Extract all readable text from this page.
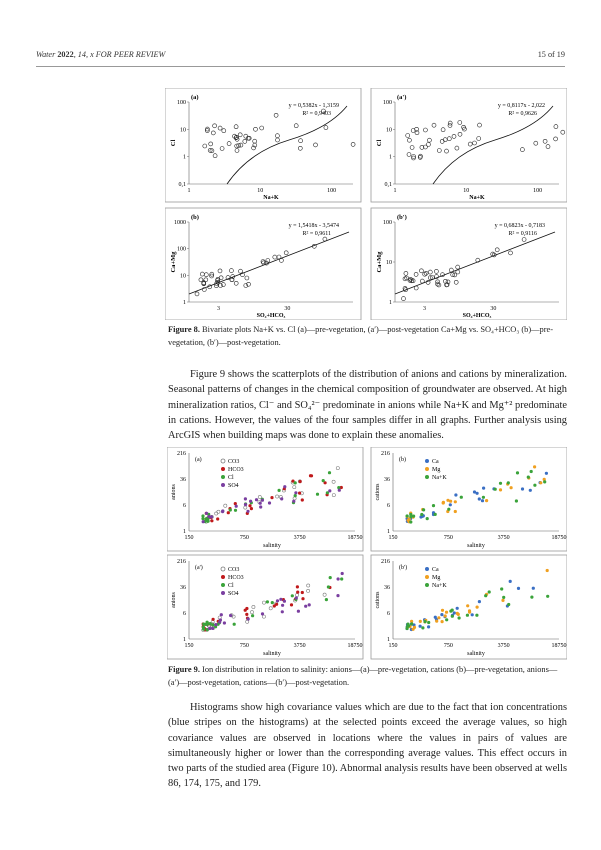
Water 2022, 14, x FOR PEER REVIEW	15 of 19
(a)
100
10
1
0,1
1	10	100
Na+K
Cl
y = 0,5382x - 1,3159
R² = 0,9403
(a')
100
10
1
0,1
1	10	100
Na+K
Cl
y = 0,8117x - 2,022
R² = 0,9626
(b)
1000
100
10
1
3	30
SO₄+HCO₃
Ca+Mg
y = 1,5418x - 3,5474
R² = 0,9611
(b')
100
10
1
3	30
SO₄+HCO₃
Ca+Mg
y = 0,6823x - 0,7183
R² = 0,9116
Figure 8. Bivariate plots Na+K vs. Cl (a)—pre-vegetation, (a′)—post-vegetation Ca+Mg vs. SO₄+HCO₃ (b)—pre-vegetation, (b′)—post-vegetation.

Figure 9 shows the scatterplots of the distribution of anions and cations by mineralization. Seasonal patterns of changes in the chemical composition of groundwater are observed. At high mineralization ratios, Cl⁻ and SO₄²⁻ predominate in anions while Na+K and Mg⁺² predominate in cations. However, the values of the four samples differ in all graphs. Further analysis using ArcGIS when building maps was done to explain these anomalies.

(a)
216
36
6
1
150	750	3750	18750
salinity
anions
CO3
HCO3
Cl
SO4
(b)
216
36
6
1
150	750	3750	18750
salinity
cations
Ca
Mg
Na+K
(a')
216
36
6
1
150	750	3750	18750
salinity
anions
CO3
HCO3
Cl
SO4
(b')
216
36
6
1
150	750	3750	18750
salinity
cations
Ca
Mg
Na+K
Figure 9. Ion distribution in relation to salinity: anions—(a)—pre-vegetation, cations (b)—pre-vegetation, anions—(a′)—post-vegetation, cations—(b′)—post-vegetation.

Histograms show high covariance values which are due to the fact that ion concentrations (blue stripes on the histograms) at the selected points exceed the average values, so high covariance values are observed in locations where the values in pairs of values are simultaneously higher or lower than the corresponding average values. This effect occurs in two parts of the studied area (Figure 10). Abnormal analysis results have been observed at wells 86, 174, 175, and 179.
